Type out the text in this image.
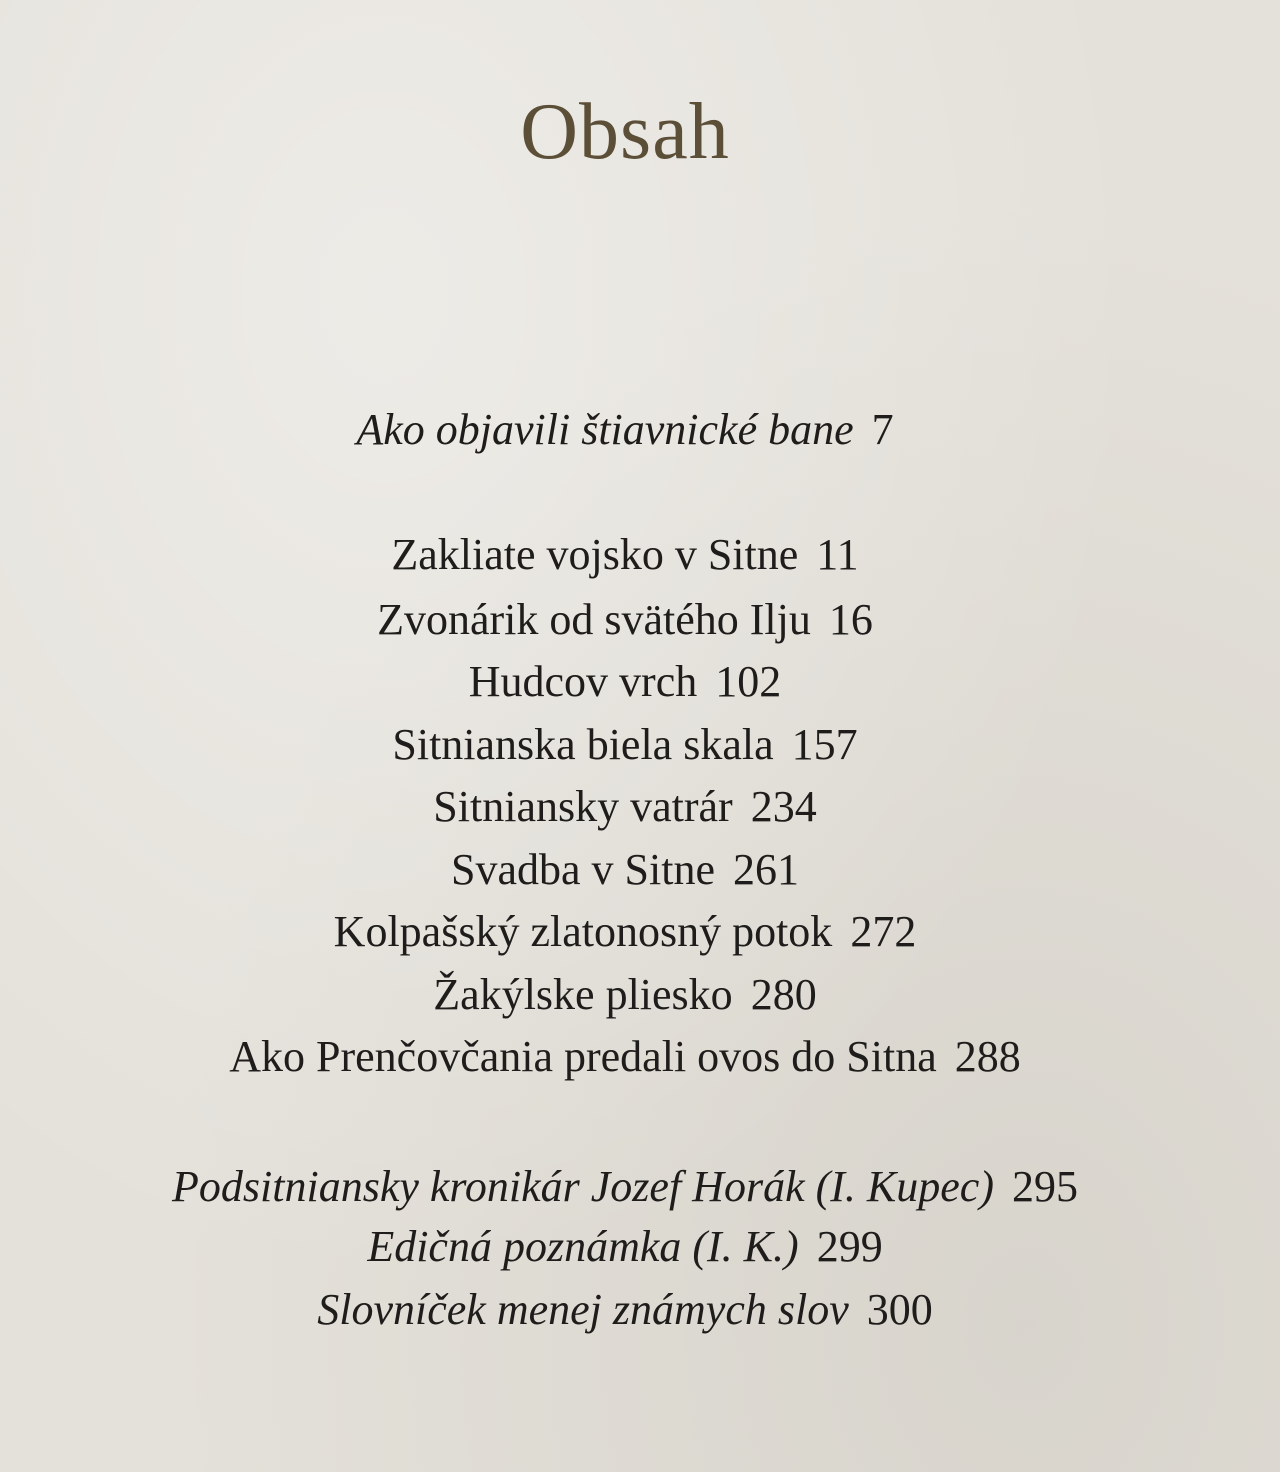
Obsah
Ako objavili štiavnické bane 7
Zakliate vojsko v Sitne 11
Zvonárik od svätého Ilju 16
Hudcov vrch 102
Sitnianska biela skala 157
Sitniansky vatrár 234
Svadba v Sitne 261
Kolpašský zlatonosný potok 272
Žakýlske pliesko 280
Ako Prenčovčania predali ovos do Sitna 288
Podsitniansky kronikár Jozef Horák (I. Kupec) 295
Edičná poznámka (I. K.) 299
Slovníček menej známych slov 300
